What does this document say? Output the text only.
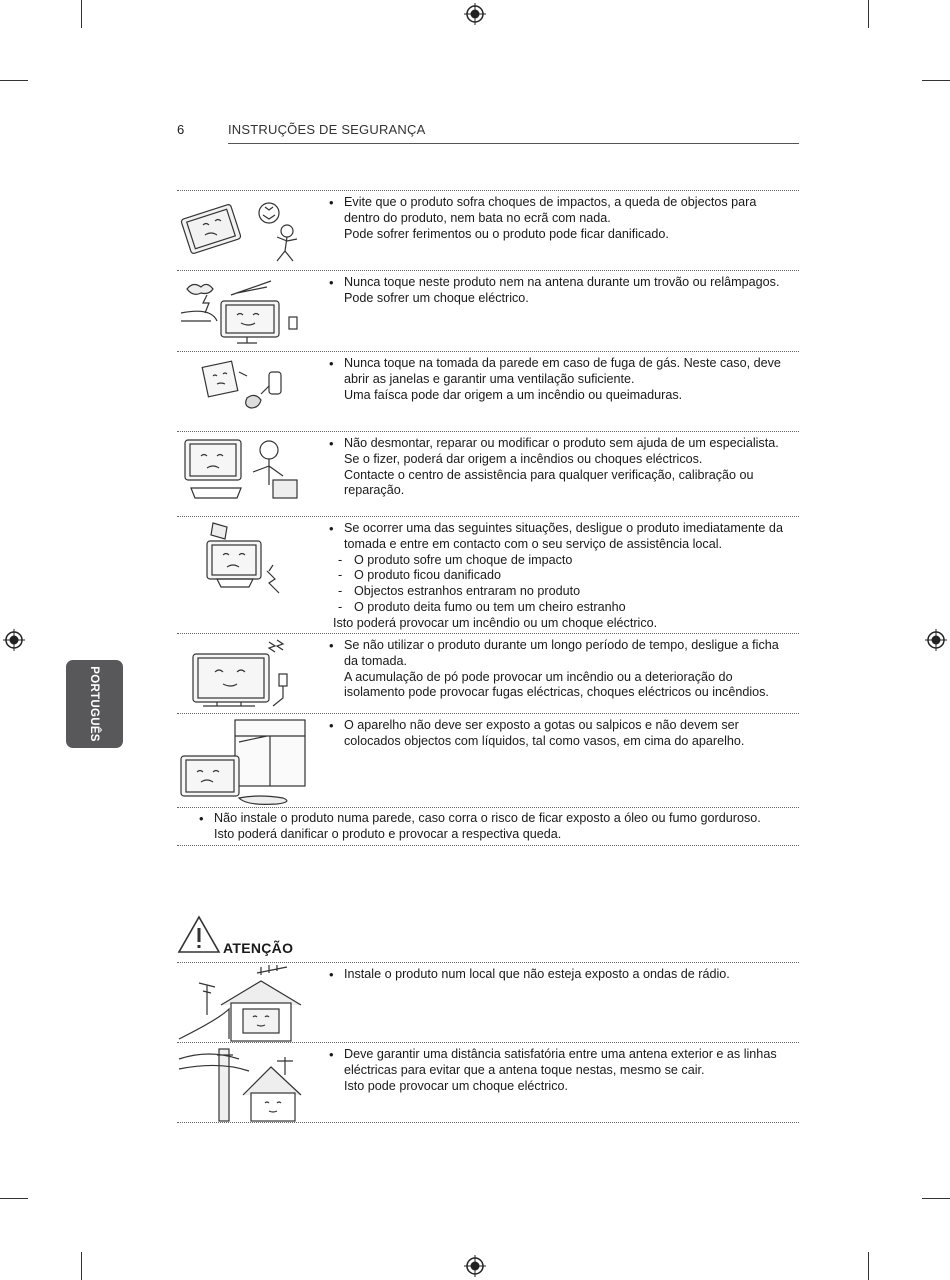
6	INSTRUÇÕES DE SEGURANÇA
PORTUGUÊS

• Evite que o produto sofra choques de impactos, a queda de objectos para dentro do produto, nem bata no ecrã com nada.

Pode sofrer ferimentos ou o produto pode ficar danificado.

• Nunca toque neste produto nem na antena durante um trovão ou relâmpagos.

Pode sofrer um choque eléctrico.

• Nunca toque na tomada da parede em caso de fuga de gás. Neste caso, deve abrir as janelas e garantir uma ventilação suficiente.

Uma faísca pode dar origem a um incêndio ou queimaduras.

• Não desmontar, reparar ou modificar o produto sem ajuda de um especialista.

Se o fizer, poderá dar origem a incêndios ou choques eléctricos.

Contacte o centro de assistência para qualquer verificação, calibração ou reparação.

• Se ocorrer uma das seguintes situações, desligue o produto imediatamente da tomada e entre em contacto com o seu serviço de assistência local.

- O produto sofre um choque de impacto

- O produto ficou danificado

- Objectos estranhos entraram no produto

- O produto deita fumo ou tem um cheiro estranho

Isto poderá provocar um incêndio ou um choque eléctrico.

• Se não utilizar o produto durante um longo período de tempo, desligue a ficha da tomada.

A acumulação de pó pode provocar um incêndio ou a deterioração do isolamento pode provocar fugas eléctricas, choques eléctricos ou incêndios.

• O aparelho não deve ser exposto a gotas ou salpicos e não devem ser colocados objectos com líquidos, tal como vasos, em cima do aparelho.

• Não instale o produto numa parede, caso corra o risco de ficar exposto a óleo ou fumo gorduroso. Isto poderá danificar o produto e provocar a respectiva queda.

ATENÇÃO

• Instale o produto num local que não esteja exposto a ondas de rádio.

• Deve garantir uma distância satisfatória entre uma antena exterior e as linhas eléctricas para evitar que a antena toque nestas, mesmo se cair.

Isto pode provocar um choque eléctrico.
